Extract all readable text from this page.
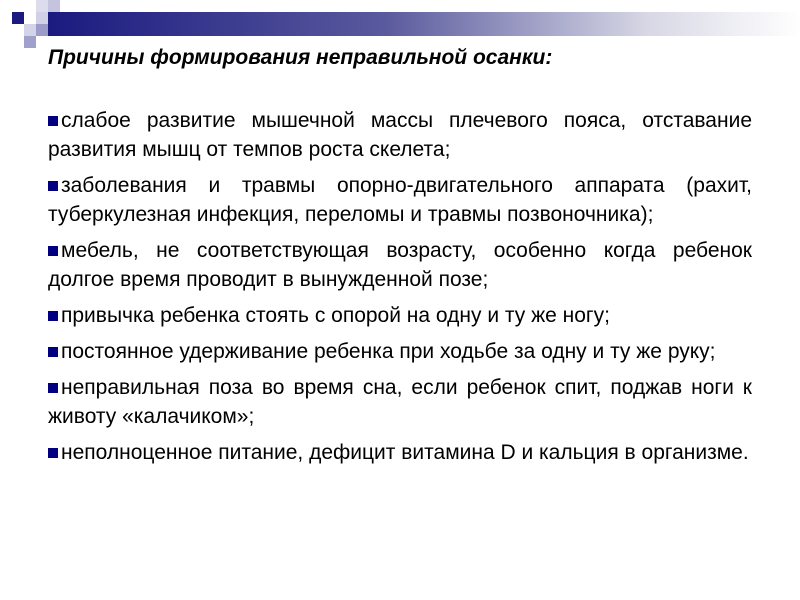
Причины формирования неправильной осанки:
слабое развитие мышечной массы плечевого пояса, отставание развития мышц от темпов роста скелета;
заболевания и травмы опорно-двигательного аппарата (рахит, туберкулезная инфекция, переломы и травмы позвоночника);
мебель, не соответствующая возрасту, особенно когда ребенок долгое время проводит в вынужденной позе;
привычка ребенка стоять с опорой на одну и ту же ногу;
постоянное удерживание ребенка при ходьбе за одну и ту же руку;
неправильная поза во время сна, если ребенок спит, поджав ноги к животу «калачиком»;
неполноценное питание, дефицит витамина D и кальция в организме.
